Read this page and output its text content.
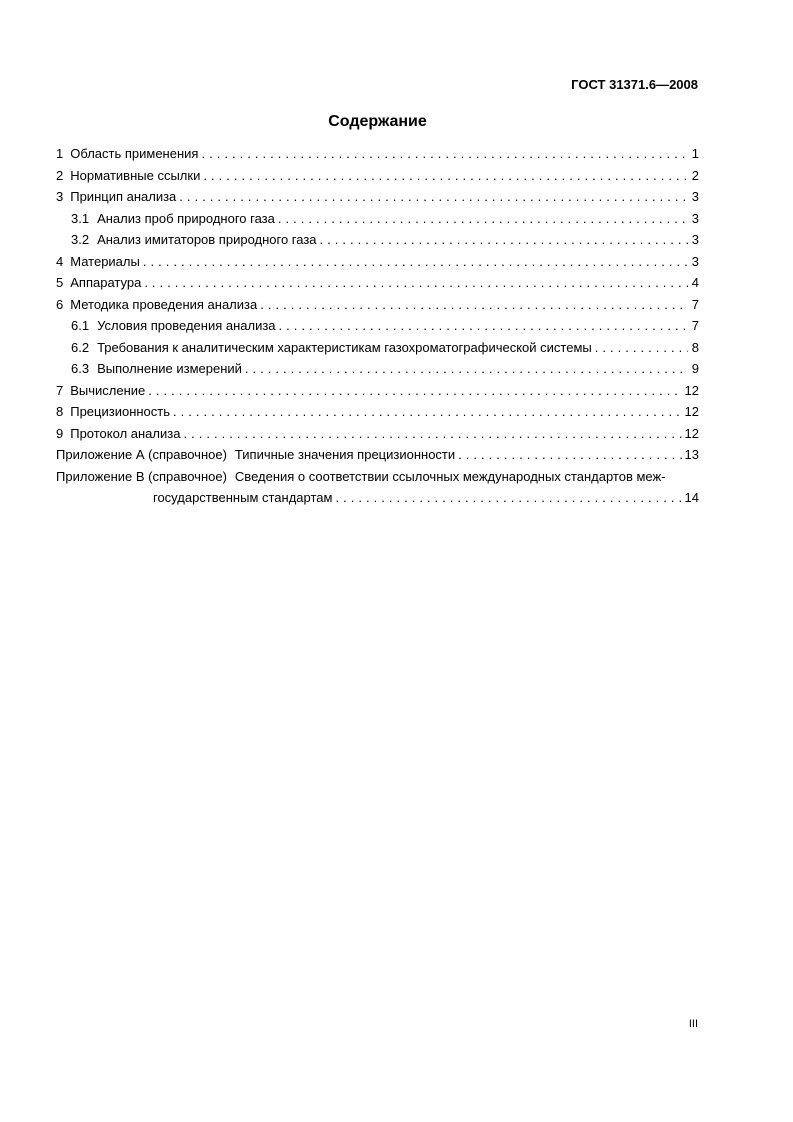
ГОСТ 31371.6—2008
Содержание
1 Область применения . . .	1
2 Нормативные ссылки . . .	2
3 Принцип анализа . . .	3
3.1 Анализ проб природного газа . . .	3
3.2 Анализ имитаторов природного газа . . .	3
4 Материалы . . .	3
5 Аппаратура . . .	4
6 Методика проведения анализа . . .	7
6.1 Условия проведения анализа . . .	7
6.2 Требования к аналитическим характеристикам газохроматографической системы . . .	8
6.3 Выполнение измерений . . .	9
7 Вычисление . . .	12
8 Прецизионность . . .	12
9 Протокол анализа . . .	12
Приложение А (справочное) Типичные значения прецизионности . . .	13
Приложение В (справочное) Сведения о соответствии ссылочных международных стандартов меж-
государственным стандартам . . .	14
III
